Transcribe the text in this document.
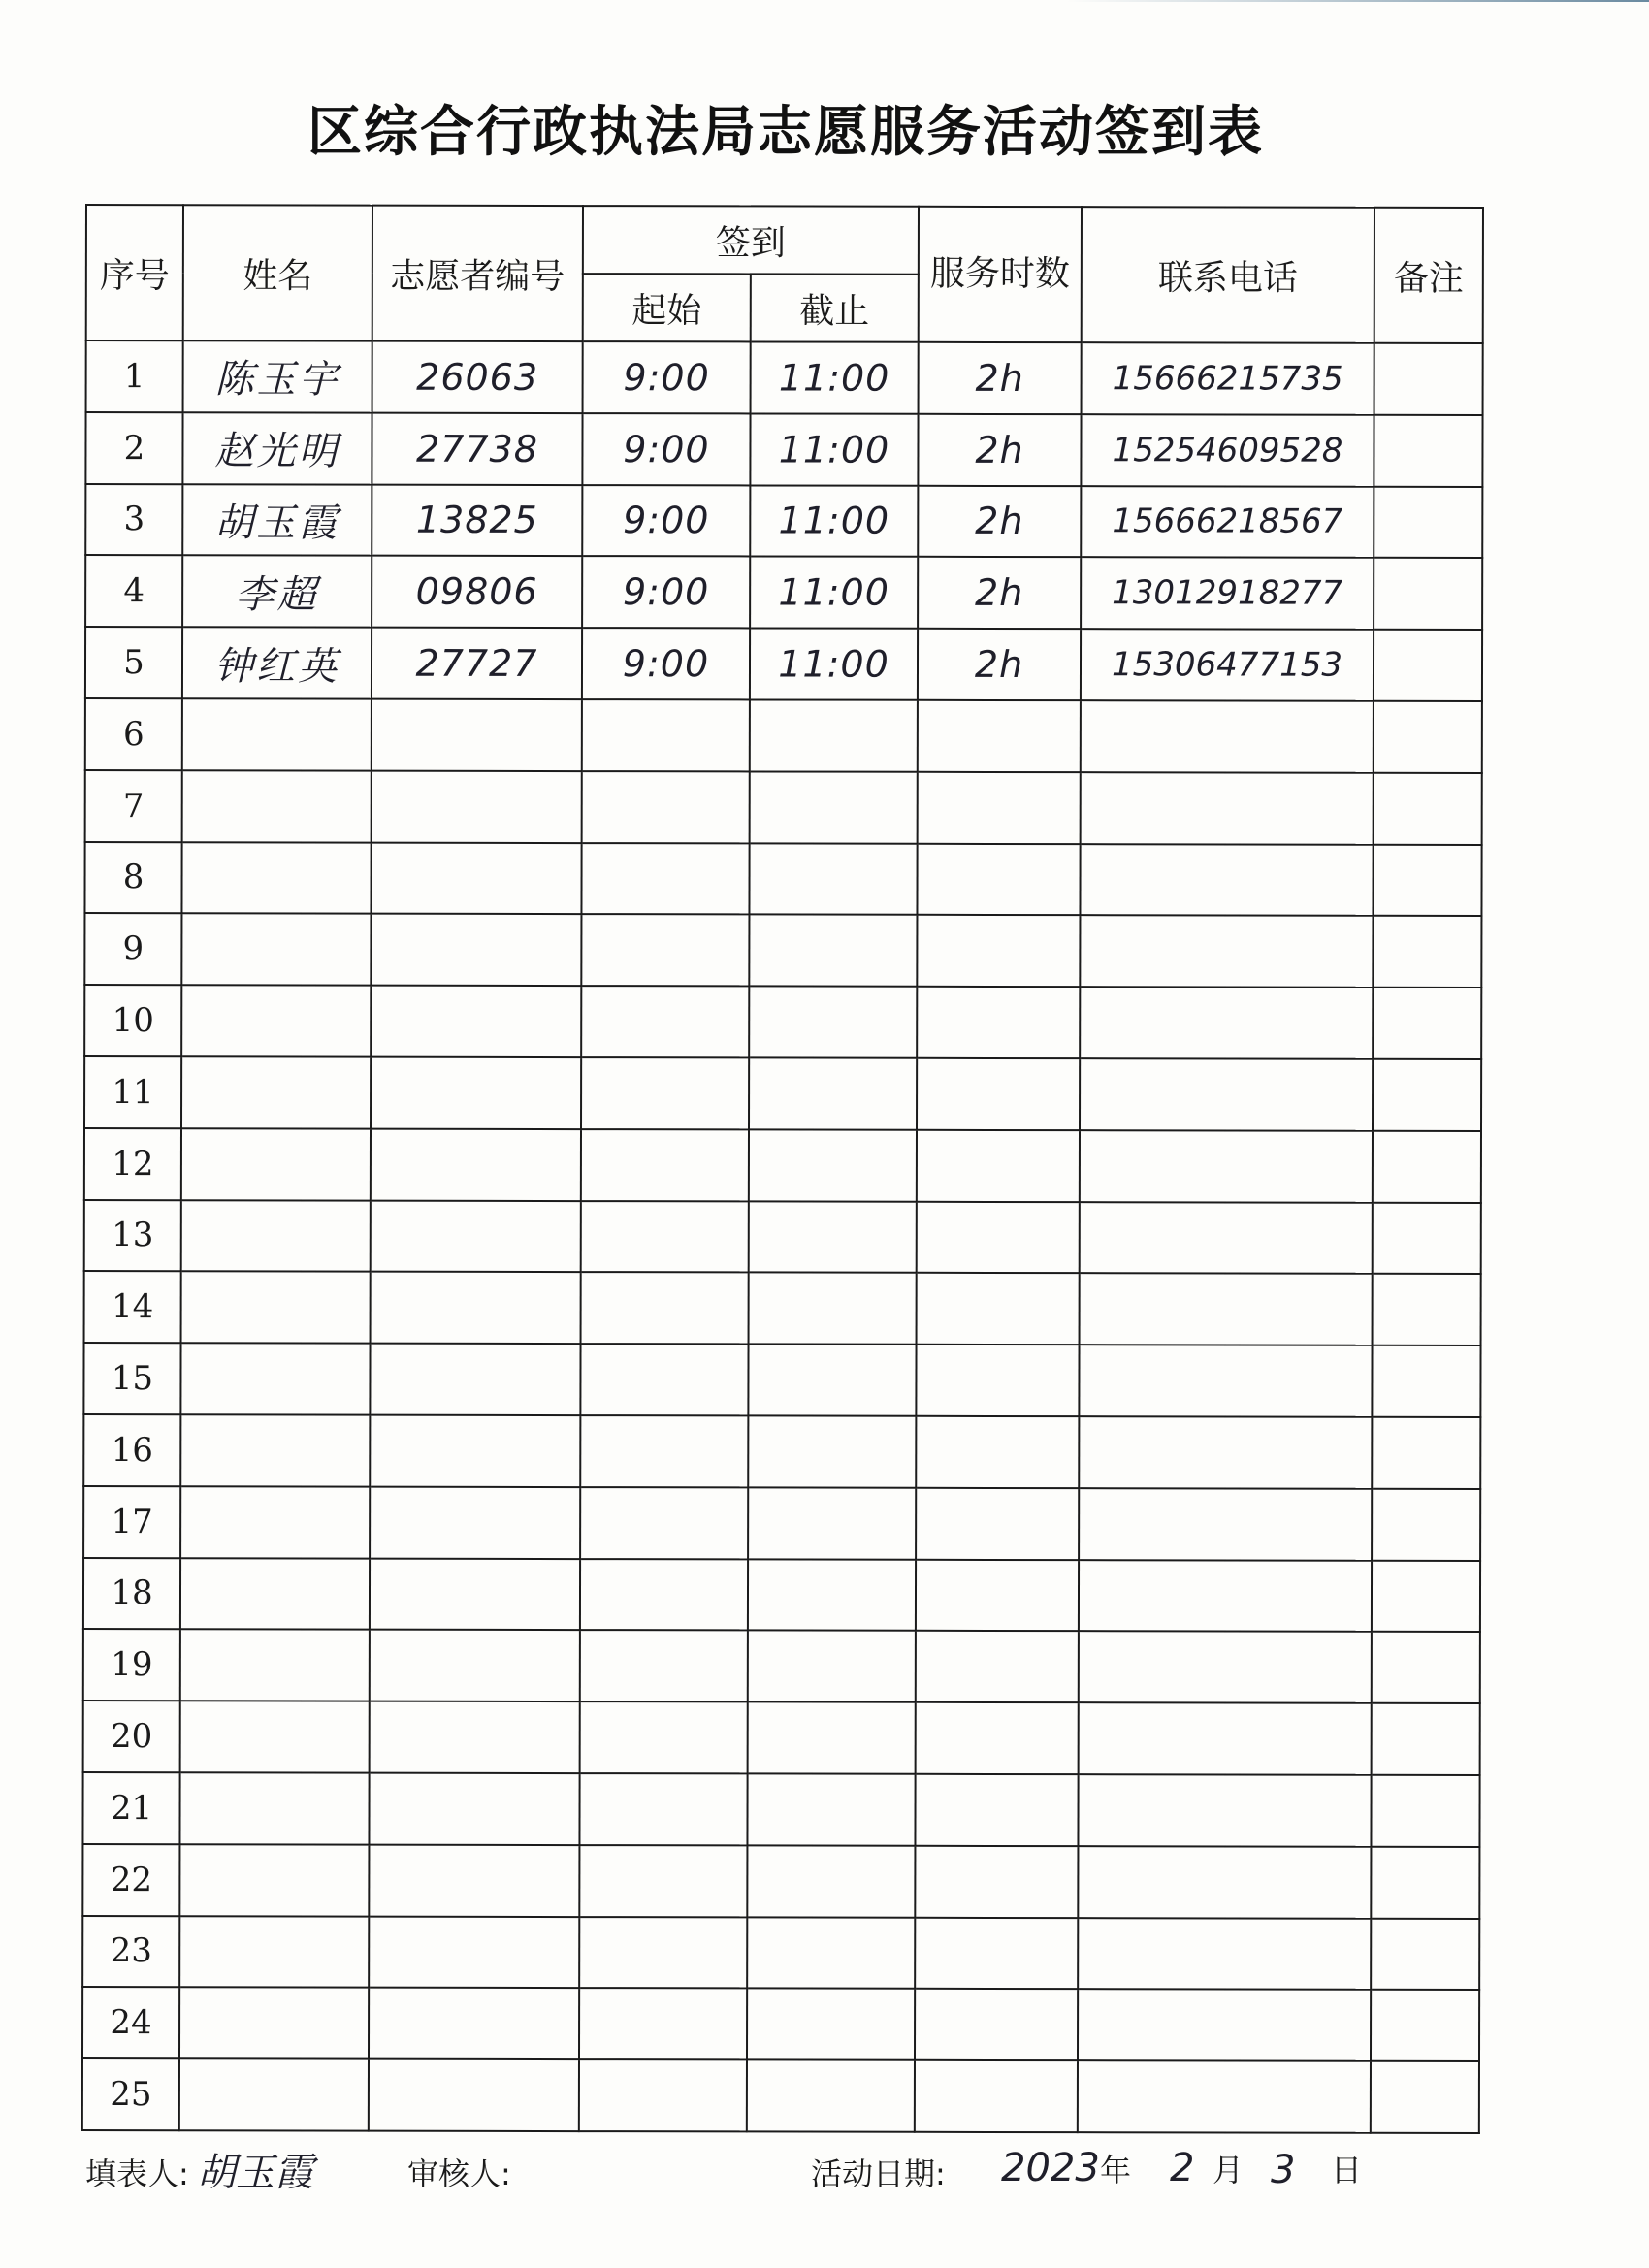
区综合行政执法局志愿服务活动签到表
序号	姓名	志愿者编号	签到		服务时数	联系电话	备注
			起始	截止			
1	陈玉宇	26063	9:00	11:00	2h	15666215735	
2	赵光明	27738	9:00	11:00	2h	15254609528	
3	胡玉霞	13825	9:00	11:00	2h	15666218567	
4	李超	09806	9:00	11:00	2h	13012918277	
5	钟红英	27727	9:00	11:00	2h	15306477153	
6							
7							
8							
9							
10							
11							
12							
13							
14							
15							
16							
17							
18							
19							
20							
21							
22							
23							
24							
25							
填表人: 胡玉霞	审核人:	活动日期: 2023 年 2 月 3 日
